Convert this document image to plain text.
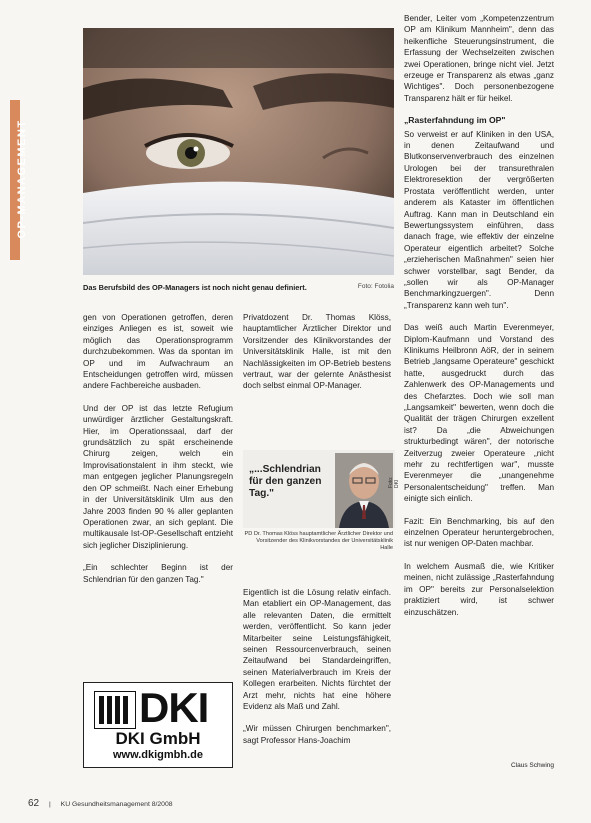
OP-MANAGEMENT
Das Berufsbild des OP-Managers ist noch nicht genau definiert.	Foto: Fotolia

gen von Operationen getroffen, deren einziges Anliegen es ist, soweit wie möglich das Operationsprogramm durchzubekommen. Was da spontan im OP und im Aufwachraum an Entscheidungen getroffen wird, müssen andere Fachbereiche ausbaden.

Und der OP ist das letzte Refugium unwürdiger ärztlicher Gestaltungskraft. Hier, im Operationssaal, darf der grundsätzlich zu spät erscheinende Chirurg zeigen, welch ein Improvisationstalent in ihm steckt, wie man entgegen jeglicher Planungsregeln den OP schmeißt. Nach einer Erhebung in der Universitätsklinik Ulm aus den Jahre 2003 finden 90 % aller geplanten Operationen zwar, an sich geplant. Die multikausale Ist-OP-Gesellschaft entzieht sich jeglicher Disziplinierung.

„Ein schlechter Beginn ist der Schlendrian für den ganzen Tag."

Privatdozent Dr. Thomas Klöss, hauptamtlicher Ärztlicher Direktor und Vorsitzender des Klinikvorstandes der Universitätsklinik Halle, ist mit den Nachlässigkeiten im OP-Betrieb bestens vertraut, war der gelernte Anästhesist doch selbst einmal OP-Manager.

„...Schlendrian für den ganzen Tag."
Foto: DKI
PD Dr. Thomas Klöss hauptamtlicher Ärztlicher Direktor und Vorsitzender des Klinikvorstandes der Universitätsklinik Halle

Eigentlich ist die Lösung relativ einfach. Man etabliert ein OP-Management, das alle relevanten Daten, die ermittelt werden, veröffentlicht. So kann jeder Mitarbeiter seine Leistungsfähigkeit, seinen Ressourcenverbrauch, seinen Zeitaufwand bei Standardeingriffen, seinen Materialverbrauch im Kreis der Kollegen erarbeiten. Nichts fürchtet der Arzt mehr, nichts hat eine höhere Evidenz als Maß und Zahl.

„Wir müssen Chirurgen benchmarken", sagt Professor Hans-Joachim

Bender, Leiter vom „Kompetenzzentrum OP am Klinikum Mannheim", denn das heikenfliche Steuerungsinstrument, die Erfassung der Wechselzeiten zwischen zwei Operationen, bringe nicht viel. Jetzt erzeuge er Transparenz als etwas „ganz Wichtiges". Doch personenbezogene Transparenz hält er für heikel.

„Rasterfahndung im OP"

So verweist er auf Kliniken in den USA, in denen Zeitaufwand und Blutkonservenverbrauch des einzelnen Urologen bei der transurethralen Elektroresektion der vergrößerten Prostata veröffentlicht werden, unter anderem als Kataster im öffentlichen Auftrag. Kann man in Deutschland ein Bewertungssystem einführen, dass danach frage, wie effektiv der einzelne Operateur eigentlich arbeitet? Solche „erzieherischen Maßnahmen" seien hier schwer vorstellbar, sagt Bender, da „sollen wir als OP-Manager Benchmarkingzuergen". Denn „Transparenz kann weh tun".

Das weiß auch Martin Everenmeyer, Diplom-Kaufmann und Vorstand des Klinikums Heilbronn AöR, der in seinem Betrieb „langsame Operateure" geschickt hatte, ausgedruckt durch das Zahlenwerk des OP-Managements und des Chefarztes. Doch wie soll man „Langsamkeit" bewerten, wenn doch die Qualität der trägen Chirurgen exzellent ist? Da „die Abweichungen strukturbedingt wären", der notorische Zeitverzug zweier Operateure „nicht mehr zu rechtfertigen war", musste Everenmeyer die „unangenehme Personalentscheidung" treffen. Man einigte sich einlich.

Fazit: Ein Benchmarking, bis auf den einzelnen Operateur heruntergebrochen, ist nur wenigen OP-Daten machbar.

In welchem Ausmaß die, wie Kritiker meinen, nicht zulässige „Rasterfahndung im OP" bereits zur Personalselektion praktiziert wird, ist schwer einzuschätzen.

Claus Schwing
DKI
DKI GmbH
www.dkigmbh.de
62 | KU Gesundheitsmanagement 8/2008
